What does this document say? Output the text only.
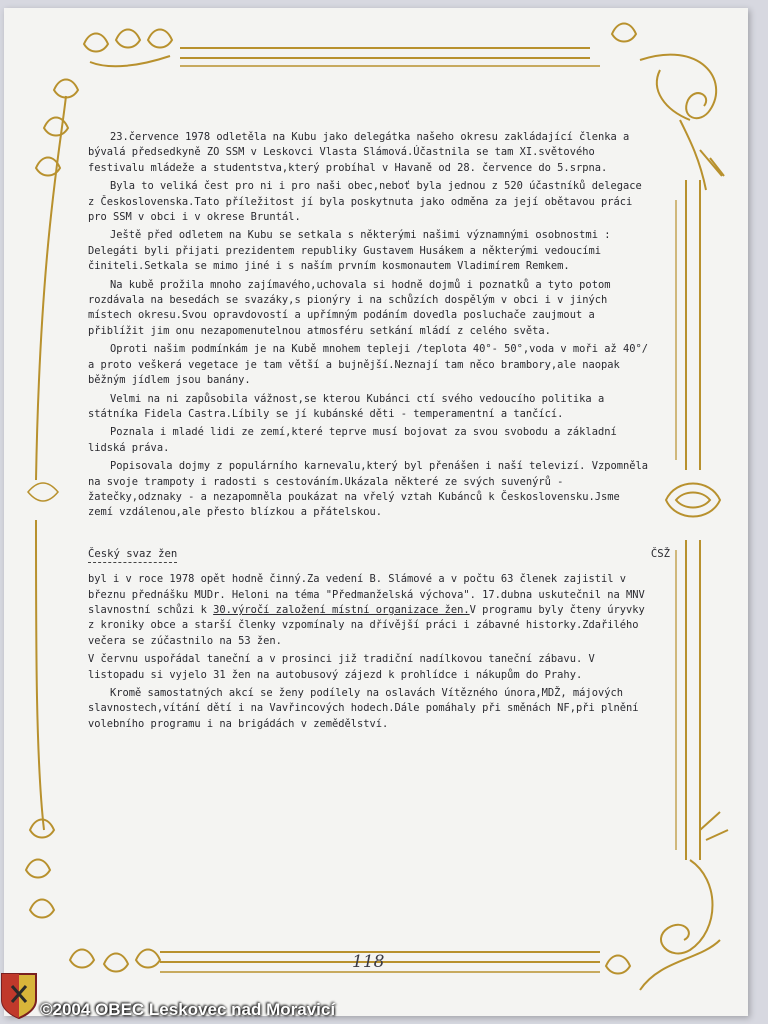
23.července 1978 odletěla na Kubu jako delegátka našeho okresu zakládající členka a bývalá předsedkyně ZO SSM v Leskovci Vlasta Slámová.Účastnila se tam XI.světového festivalu mládeže a studentstva,který probíhal v Havaně od 28. července do 5.srpna.

Byla to veliká čest pro ni i pro naši obec,neboť byla jednou z 520 účastníků delegace z Československa.Tato příležitost jí byla poskytnuta jako odměna za její obětavou práci pro SSM v obci i v okrese Bruntál.

Ještě před odletem na Kubu se setkala s některými našimi významnými osobnostmi : Delegáti byli přijati prezidentem republiky Gustavem Husákem a některými vedoucími činiteli.Setkala se mimo jiné i s naším prvním kosmonautem Vladimírem Remkem.

Na kubě prožila mnoho zajímavého,uchovala si hodně dojmů i poznatků a tyto potom rozdávala na besedách se svazáky,s pionýry i na schůzích dospělým v obci i v jiných místech okresu.Svou opravdovostí a upřímným podáním dovedla posluchače zaujmout a přiblížit jim onu nezapomenutelnou atmosféru setkání mládí z celého světa.

Oproti našim podmínkám je na Kubě mnohem tepleji /teplota 40°- 50°,voda v moři až 40°/ a proto veškerá vegetace je tam větší a bujnější.Neznají tam něco brambory,ale naopak běžným jídlem jsou banány.

Velmi na ni zapůsobila vážnost,se kterou Kubánci ctí svého vedoucího politika a státníka Fidela Castra.Líbily se jí kubánské děti - temperamentní a tančící.

Poznala i mladé lidi ze zemí,které teprve musí bojovat za svou svobodu a základní lidská práva.

Popisovala dojmy z populárního karnevalu,který byl přenášen i naší televizí. Vzpomněla na svoje trampoty i radosti s cestováním.Ukázala některé ze svých suvenýrů - žatečky,odznaky - a nezapomněla poukázat na vřelý vztah Kubánců k Československu.Jsme zemí vzdálenou,ale přesto blízkou a přátelskou.

Český svaz žen	ČSŽ

byl i v roce 1978 opět hodně činný.Za vedení B. Slámové a v počtu 63 členek zajistil v březnu přednášku MUDr. Heloni na téma "Předmanželská výchova". 17.dubna uskutečnil na MNV slavnostní schůzi k 30.výročí založení místní organizace žen.V programu byly čteny úryvky z kroniky obce a starší členky vzpomínaly na dřívější práci i zábavné historky.Zdařilého večera se zúčastnilo na 53 žen.

V červnu uspořádal taneční a v prosinci již tradiční nadílkovou taneční zábavu. V listopadu si vyjelo 31 žen na autobusový zájezd k prohlídce i nákupům do Prahy.

Kromě samostatných akcí se ženy podílely na oslavách Vítězného února,MDŽ, májových slavnostech,vítání dětí i na Vavřincových hodech.Dále pomáhaly při směnách NF,při plnění volebního programu i na brigádách v zemědělství.

118
©2004 OBEC Leskovec nad Moravicí
